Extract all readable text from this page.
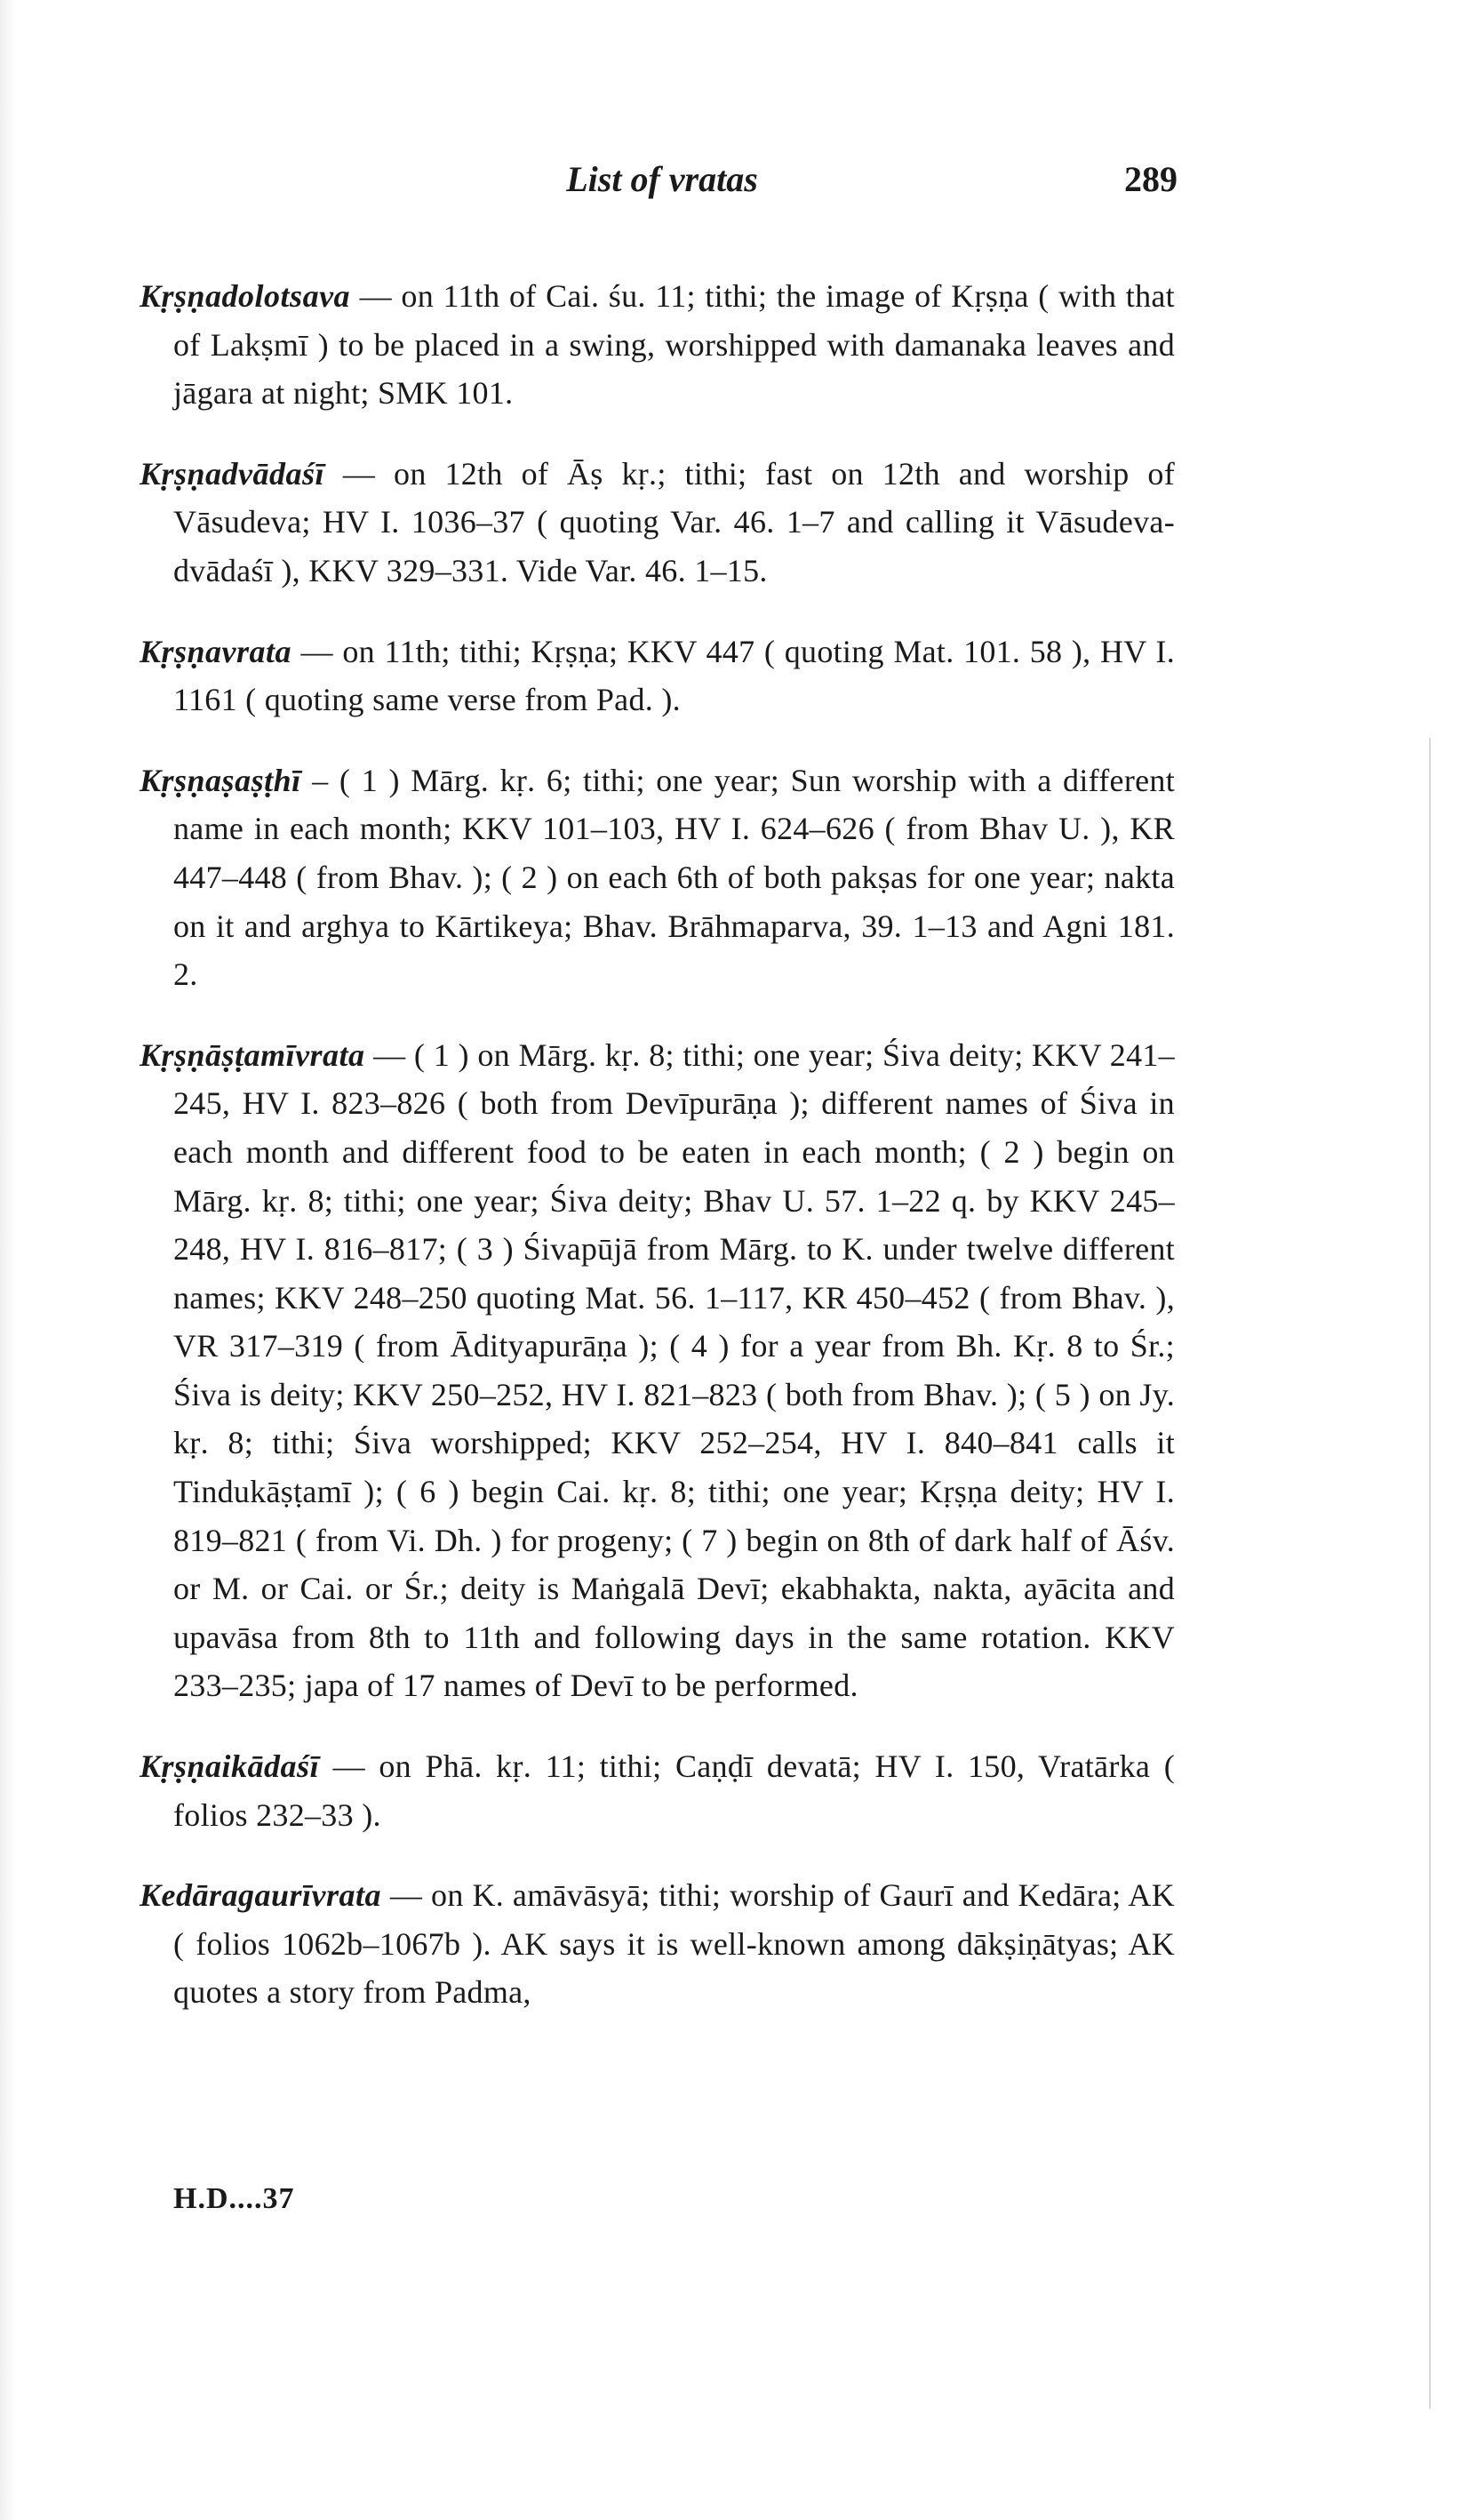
List of vratas	289

Kṛṣṇadolotsava — on 11th of Cai. śu. 11; tithi; the image of Kṛṣṇa ( with that of Lakṣmī ) to be placed in a swing, worshipped with damanaka leaves and jāgara at night; SMK 101.

Kṛṣṇadvādaśī — on 12th of Āṣ kṛ.; tithi; fast on 12th and worship of Vāsudeva; HV I. 1036–37 ( quoting Var. 46. 1–7 and calling it Vāsudeva-dvādaśī ), KKV 329–331. Vide Var. 46. 1–15.

Kṛṣṇavrata — on 11th; tithi; Kṛṣṇa; KKV 447 ( quoting Mat. 101. 58 ), HV I. 1161 ( quoting same verse from Pad. ).

Kṛṣṇaṣaṣṭhī – ( 1 ) Mārg. kṛ. 6; tithi; one year; Sun worship with a different name in each month; KKV 101–103, HV I. 624–626 ( from Bhav U. ), KR 447–448 ( from Bhav. ); ( 2 ) on each 6th of both pakṣas for one year; nakta on it and arghya to Kārtikeya; Bhav. Brāhmaparva, 39. 1–13 and Agni 181. 2.

Kṛṣṇāṣṭamīvrata — ( 1 ) on Mārg. kṛ. 8; tithi; one year; Śiva deity; KKV 241–245, HV I. 823–826 ( both from Devīpurāṇa ); different names of Śiva in each month and different food to be eaten in each month; ( 2 ) begin on Mārg. kṛ. 8; tithi; one year; Śiva deity; Bhav U. 57. 1–22 q. by KKV 245–248, HV I. 816–817; ( 3 ) Śivapūjā from Mārg. to K. under twelve different names; KKV 248–250 quoting Mat. 56. 1–117, KR 450–452 ( from Bhav. ), VR 317–319 ( from Ādityapurāṇa ); ( 4 ) for a year from Bh. Kṛ. 8 to Śr.; Śiva is deity; KKV 250–252, HV I. 821–823 ( both from Bhav. ); ( 5 ) on Jy. kṛ. 8; tithi; Śiva worshipped; KKV 252–254, HV I. 840–841 calls it Tindukāṣṭamī ); ( 6 ) begin Cai. kṛ. 8; tithi; one year; Kṛṣṇa deity; HV I. 819–821 ( from Vi. Dh. ) for progeny; ( 7 ) begin on 8th of dark half of Āśv. or M. or Cai. or Śr.; deity is Maṅgalā Devī; ekabhakta, nakta, ayācita and upavāsa from 8th to 11th and following days in the same rotation. KKV 233–235; japa of 17 names of Devī to be performed.

Kṛṣṇaikādaśī — on Phā. kṛ. 11; tithi; Caṇḍī devatā; HV I. 150, Vratārka ( folios 232–33 ).

Kedāragaurīvrata — on K. amāvāsyā; tithi; worship of Gaurī and Kedāra; AK ( folios 1062b–1067b ). AK says it is well-known among dākṣiṇātyas; AK quotes a story from Padma,

H.D....37
